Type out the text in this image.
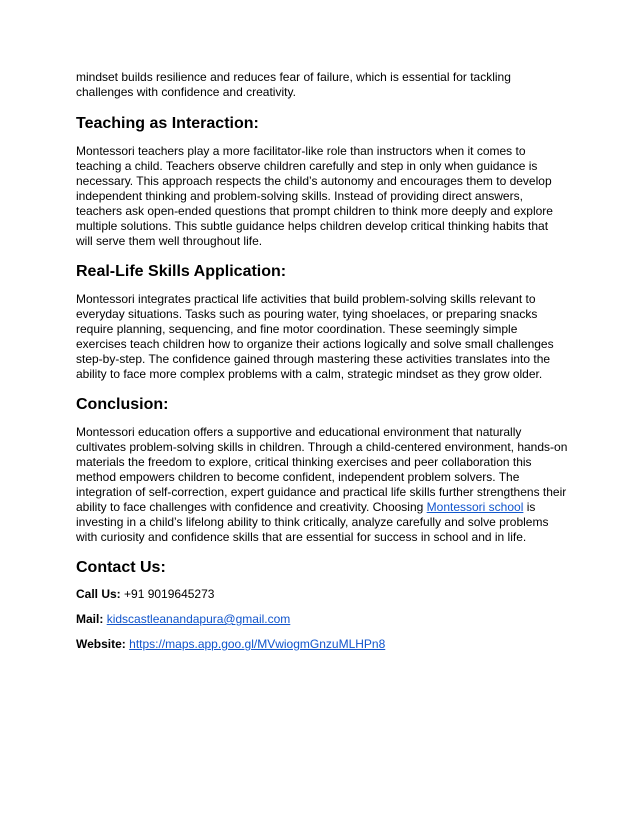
mindset builds resilience and reduces fear of failure, which is essential for tackling challenges with confidence and creativity.

Teaching as Interaction:

Montessori teachers play a more facilitator-like role than instructors when it comes to teaching a child. Teachers observe children carefully and step in only when guidance is necessary. This approach respects the child’s autonomy and encourages them to develop independent thinking and problem-solving skills. Instead of providing direct answers, teachers ask open-ended questions that prompt children to think more deeply and explore multiple solutions. This subtle guidance helps children develop critical thinking habits that will serve them well throughout life.

Real-Life Skills Application:

Montessori integrates practical life activities that build problem-solving skills relevant to everyday situations. Tasks such as pouring water, tying shoelaces, or preparing snacks require planning, sequencing, and fine motor coordination. These seemingly simple exercises teach children how to organize their actions logically and solve small challenges step-by-step. The confidence gained through mastering these activities translates into the ability to face more complex problems with a calm, strategic mindset as they grow older.

Conclusion:

Montessori education offers a supportive and educational environment that naturally cultivates problem-solving skills in children. Through a child-centered environment, hands-on materials the freedom to explore, critical thinking exercises and peer collaboration this method empowers children to become confident, independent problem solvers. The integration of self-correction, expert guidance and practical life skills further strengthens their ability to face challenges with confidence and creativity. Choosing Montessori school is investing in a child’s lifelong ability to think critically, analyze carefully and solve problems with curiosity and confidence skills that are essential for success in school and in life.

Contact Us:
Call Us: +91 9019645273
Mail: kidscastleanandapura@gmail.com
Website: https://maps.app.goo.gl/MVwiogmGnzuMLHPn8
